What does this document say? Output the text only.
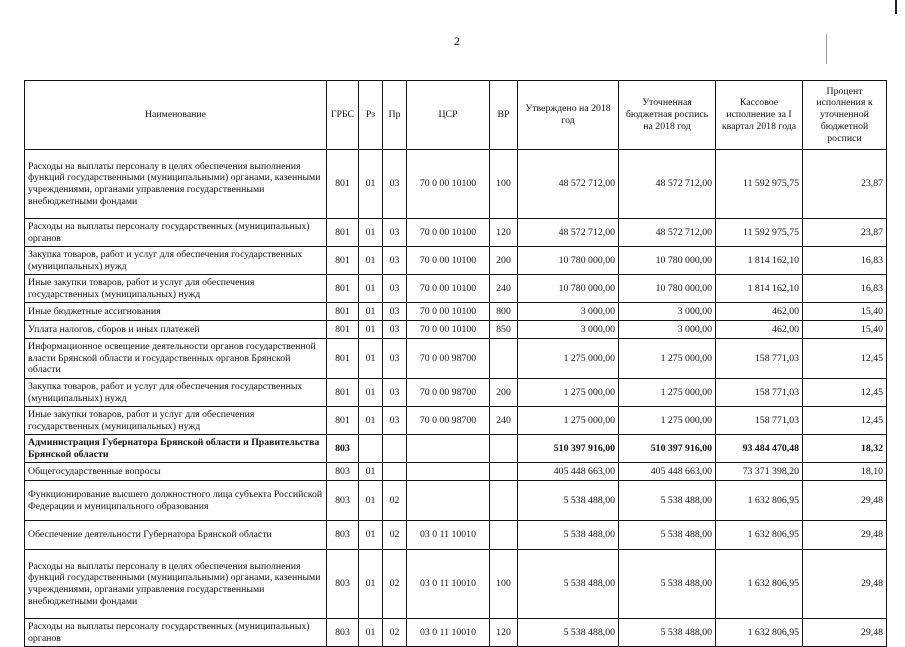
2
Наименование	ГРБС	Рз	Пр	ЦСР	ВР	Утверждено на 2018 год	Уточненная бюджетная роспись на 2018 год	Кассовое исполнение за I квартал 2018 года	Процент исполнения к уточненной бюджетной росписи
Расходы на выплаты персоналу в целях обеспечения выполнения функций государственными (муниципальными) органами, казенными учреждениями, органами управления государственными внебюджетными фондами	801	01	03	70 0 00 10100	100	48 572 712,00	48 572 712,00	11 592 975,75	23,87
Расходы на выплаты персоналу государственных (муниципальных) органов	801	01	03	70 0 00 10100	120	48 572 712,00	48 572 712,00	11 592 975,75	23,87
Закупка товаров, работ и услуг для обеспечения государственных (муниципальных) нужд	801	01	03	70 0 00 10100	200	10 780 000,00	10 780 000,00	1 814 162,10	16,83
Иные закупки товаров, работ и услуг для обеспечения государственных (муниципальных) нужд	801	01	03	70 0 00 10100	240	10 780 000,00	10 780 000,00	1 814 162,10	16,83
Иные бюджетные ассигнования	801	01	03	70 0 00 10100	800	3 000,00	3 000,00	462,00	15,40
Уплата налогов, сборов и иных платежей	801	01	03	70 0 00 10100	850	3 000,00	3 000,00	462,00	15,40
Информационное освещение деятельности органов государственной власти Брянской области и государственных органов Брянской области	801	01	03	70 0 00 98700		1 275 000,00	1 275 000,00	158 771,03	12,45
Закупка товаров, работ и услуг для обеспечения государственных (муниципальных) нужд	801	01	03	70 0 00 98700	200	1 275 000,00	1 275 000,00	158 771,03	12,45
Иные закупки товаров, работ и услуг для обеспечения государственных (муниципальных) нужд	801	01	03	70 0 00 98700	240	1 275 000,00	1 275 000,00	158 771,03	12,45
Администрация Губернатора Брянской области и Правительства Брянской области	803					510 397 916,00	510 397 916,00	93 484 470,48	18,32
Общегосударственные вопросы	803	01				405 448 663,00	405 448 663,00	73 371 398,20	18,10
Функционирование высшего должностного лица субъекта Российской Федерации и муниципального образования	803	01	02			5 538 488,00	5 538 488,00	1 632 806,95	29,48
Обеспечение деятельности Губернатора Брянской области	803	01	02	03 0 11 10010		5 538 488,00	5 538 488,00	1 632 806,95	29,48
Расходы на выплаты персоналу в целях обеспечения выполнения функций государственными (муниципальными) органами, казенными учреждениями, органами управления государственными внебюджетными фондами	803	01	02	03 0 11 10010	100	5 538 488,00	5 538 488,00	1 632 806,95	29,48
Расходы на выплаты персоналу государственных (муниципальных) органов	803	01	02	03 0 11 10010	120	5 538 488,00	5 538 488,00	1 632 806,95	29,48
